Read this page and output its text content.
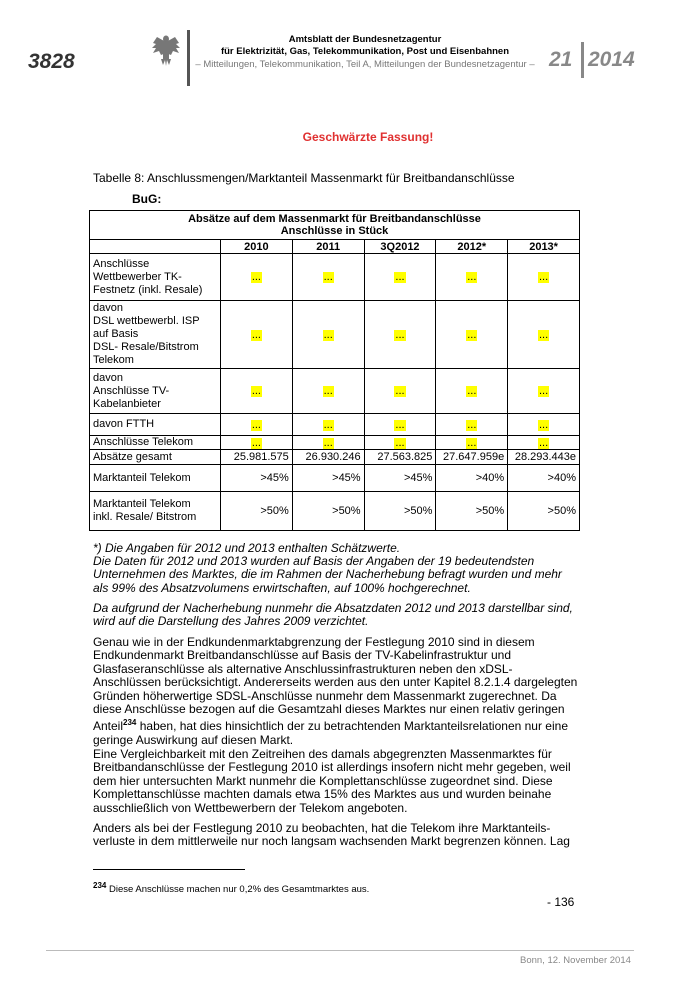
3828
Amtsblatt der Bundesnetzagentur
für Elektrizität, Gas, Telekommunikation, Post und Eisenbahnen
– Mitteilungen, Telekommunikation, Teil A, Mitteilungen der Bundesnetzagentur – 21 2014
Geschwärzte Fassung!
Tabelle 8: Anschlussmengen/Marktanteil Massenmarkt für Breitbandanschlüsse
BuG:
Absätze auf dem Massenmarkt für Breitbandanschlüsse
Anschlüsse in Stück					

	2010	2011	3Q2012	2012*	2013*

Anschlüsse
Wettbewerber TK-
Festnetz (inkl. Resale)	...	...	...	...	...

davon
DSL wettbewerbl. ISP
auf Basis
DSL- Resale/Bitstrom
Telekom	...	...	...	...	...

davon
Anschlüsse TV-
Kabelanbieter	...	...	...	...	...

davon FTTH	...	...	...	...	...

Anschlüsse Telekom	...	...	...	...	...

Absätze gesamt	25.981.575	26.930.246	27.563.825	27.647.959e	28.293.443e

Marktanteil Telekom	>45%	>45%	>45%	>40%	>40%

Marktanteil Telekom
inkl. Resale/ Bitstrom	>50%	>50%	>50%	>50%	>50%
*) Die Angaben für 2012 und 2013 enthalten Schätzwerte.
Die Daten für 2012 und 2013 wurden auf Basis der Angaben der 19 bedeutendsten Unternehmen des Marktes, die im Rahmen der Nacherhebung befragt wurden und mehr als 99% des Absatzvolumens erwirtschaften, auf 100% hochgerechnet.
Da aufgrund der Nacherhebung nunmehr die Absatzdaten 2012 und 2013 darstellbar sind, wird auf die Darstellung des Jahres 2009 verzichtet.
Genau wie in der Endkundenmarktabgrenzung der Festlegung 2010 sind in diesem Endkundenmarkt Breitbandanschlüsse auf Basis der TV-Kabelinfrastruktur und Glasfaseranschlüsse als alternative Anschlussinfrastrukturen neben den xDSL-Anschlüssen berücksichtigt. Andererseits werden aus den unter Kapitel 8.2.1.4 dargelegten Gründen höherwertige SDSL-Anschlüsse nunmehr dem Massenmarkt zugerechnet. Da diese Anschlüsse bezogen auf die Gesamtzahl dieses Marktes nur einen relativ geringen Anteil$^{234}$ haben, hat dies hinsichtlich der zu betrachtenden Marktanteilsrelationen nur eine geringe Auswirkung auf diesen Markt.
Eine Vergleichbarkeit mit den Zeitreihen des damals abgegrenzten Massenmarktes für Breitbandanschlüsse der Festlegung 2010 ist allerdings insofern nicht mehr gegeben, weil dem hier untersuchten Markt nunmehr die Komplettanschlüsse zugeordnet sind. Diese Komplettanschlüsse machten damals etwa 15% des Marktes aus und wurden beinahe ausschließlich von Wettbewerbern der Telekom angeboten.
Anders als bei der Festlegung 2010 zu beobachten, hat die Telekom ihre Marktanteils-verluste in dem mittlerweile nur noch langsam wachsenden Markt begrenzen können. Lag
$^{234}$ Diese Anschlüsse machen nur 0,2% des Gesamtmarktes aus.
- 136
Bonn, 12. November 2014
